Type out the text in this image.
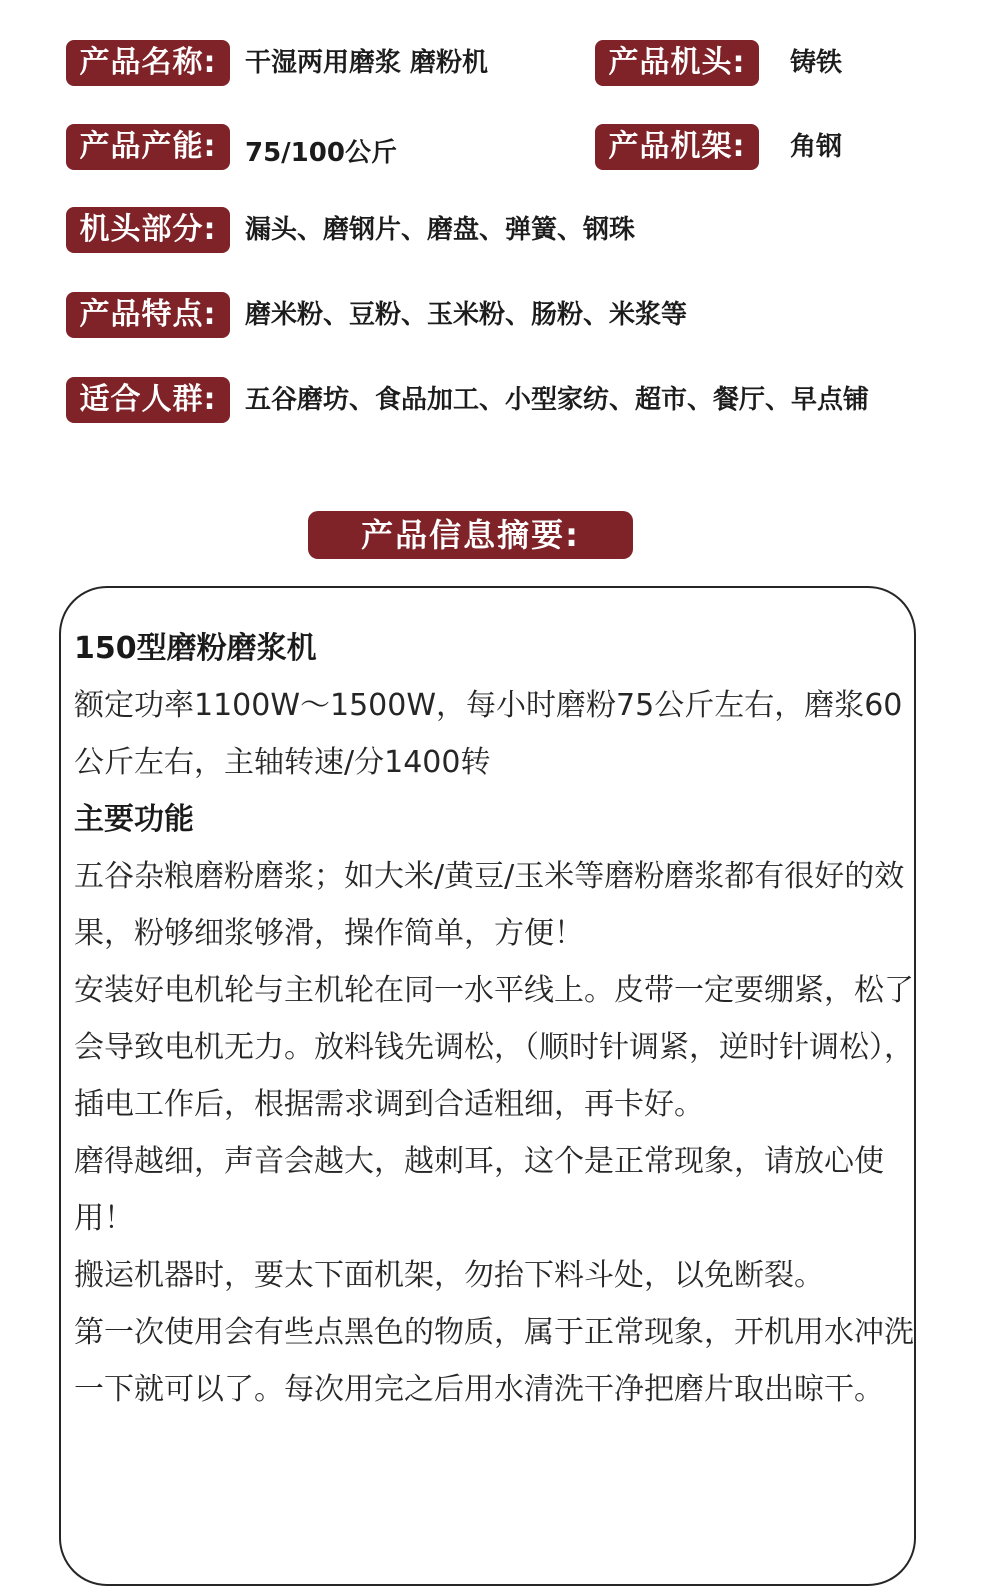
产品名称:	干湿两用磨浆 磨粉机	产品机头:	铸铁
产品产能:	75/100公斤	产品机架:	角钢
机头部分:	漏头、磨钢片、磨盘、弹簧、钢珠
产品特点:	磨米粉、豆粉、玉米粉、肠粉、米浆等
适合人群:	五谷磨坊、食品加工、小型家纺、超市、餐厅、早点铺
产品信息摘要:

150型磨粉磨浆机

额定功率1100W～1500W，每小时磨粉75公斤左右，磨浆60公斤左右，主轴转速/分1400转

主要功能

五谷杂粮磨粉磨浆；如大米/黄豆/玉米等磨粉磨浆都有很好的效果，粉够细浆够滑，操作简单，方便！

安装好电机轮与主机轮在同一水平线上。皮带一定要绷紧，松了会导致电机无力。放料钱先调松，（顺时针调紧，逆时针调松），插电工作后，根据需求调到合适粗细，再卡好。

磨得越细，声音会越大，越刺耳，这个是正常现象，请放心使用！

搬运机器时，要太下面机架，勿抬下料斗处，以免断裂。

第一次使用会有些点黑色的物质，属于正常现象，开机用水冲洗一下就可以了。每次用完之后用水清洗干净把磨片取出晾干。
